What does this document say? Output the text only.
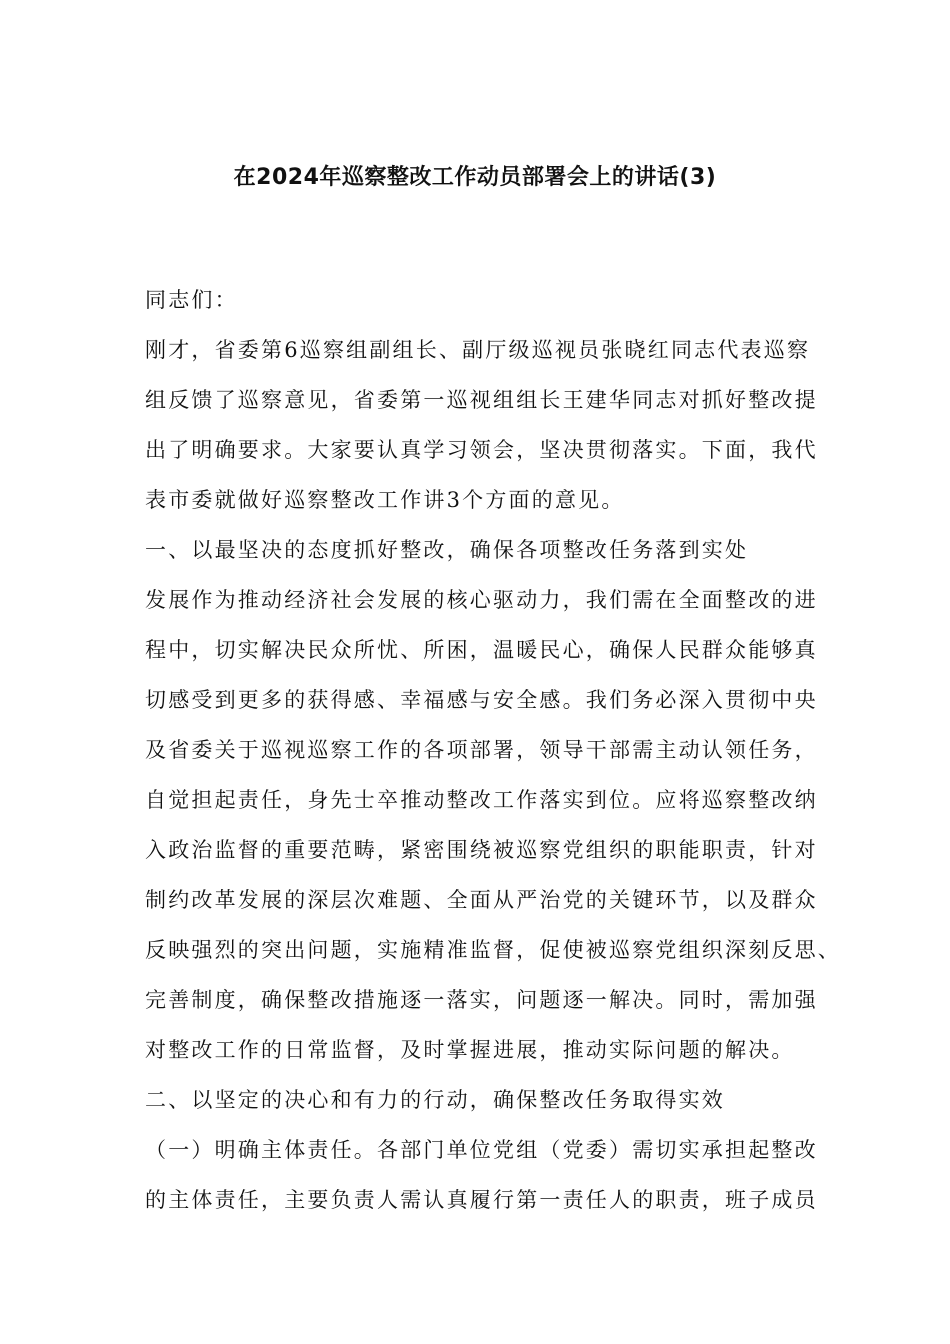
在2024年巡察整改工作动员部署会上的讲话(3)
同志们：
刚才，省委第6巡察组副组长、副厅级巡视员张晓红同志代表巡察
组反馈了巡察意见，省委第一巡视组组长王建华同志对抓好整改提
出了明确要求。大家要认真学习领会，坚决贯彻落实。下面，我代
表市委就做好巡察整改工作讲3个方面的意见。
一、以最坚决的态度抓好整改，确保各项整改任务落到实处
发展作为推动经济社会发展的核心驱动力，我们需在全面整改的进
程中，切实解决民众所忧、所困，温暖民心，确保人民群众能够真
切感受到更多的获得感、幸福感与安全感。我们务必深入贯彻中央
及省委关于巡视巡察工作的各项部署，领导干部需主动认领任务，
自觉担起责任，身先士卒推动整改工作落实到位。应将巡察整改纳
入政治监督的重要范畴，紧密围绕被巡察党组织的职能职责，针对
制约改革发展的深层次难题、全面从严治党的关键环节，以及群众
反映强烈的突出问题，实施精准监督，促使被巡察党组织深刻反思、
完善制度，确保整改措施逐一落实，问题逐一解决。同时，需加强
对整改工作的日常监督，及时掌握进展，推动实际问题的解决。
二、以坚定的决心和有力的行动，确保整改任务取得实效
（一）明确主体责任。各部门单位党组（党委）需切实承担起整改
的主体责任，主要负责人需认真履行第一责任人的职责，班子成员
